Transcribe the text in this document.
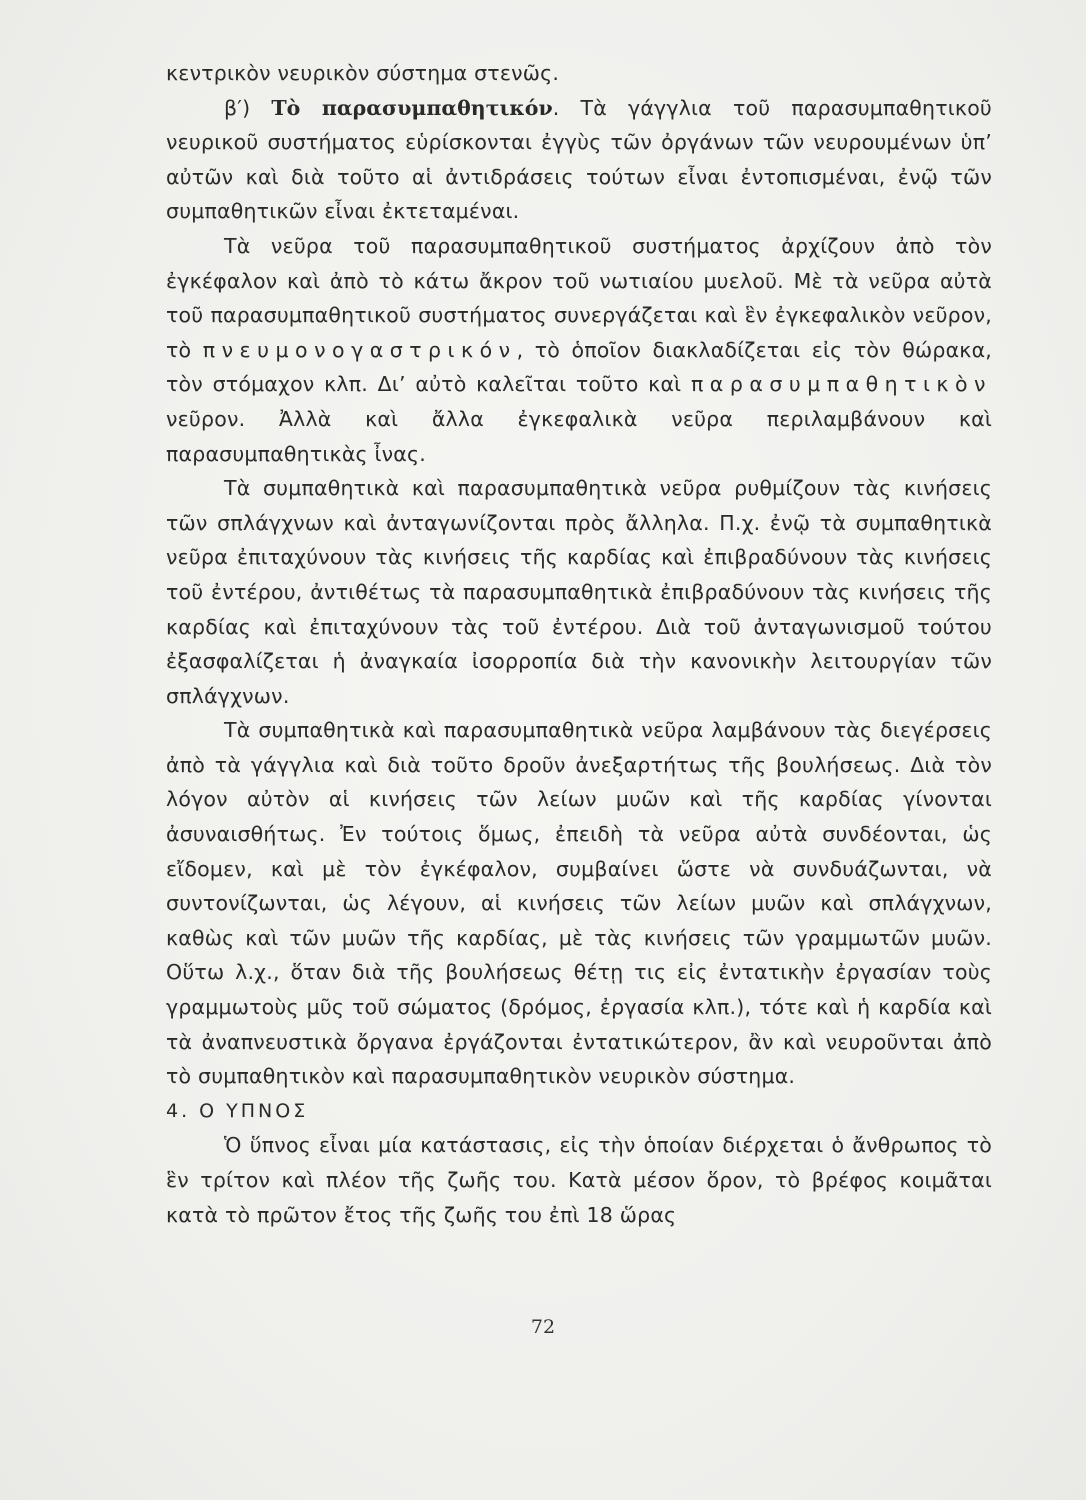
κεντρικὸν νευρικὸν σύστημα στενῶς.

β′) Τὸ παρασυμπαθητικόν. Τὰ γάγγλια τοῦ παρασυμπαθητικοῦ νευρικοῦ συστήματος εὑρίσκονται ἐγγὺς τῶν ὀργάνων τῶν νευρουμένων ὑπ’ αὐτῶν καὶ διὰ τοῦτο αἱ ἀντιδράσεις τούτων εἶναι ἐντοπισμέναι, ἐνῷ τῶν συμπαθητικῶν εἶναι ἐκτεταμέναι.

Τὰ νεῦρα τοῦ παρασυμπαθητικοῦ συστήματος ἀρχίζουν ἀπὸ τὸν ἐγκέφαλον καὶ ἀπὸ τὸ κάτω ἄκρον τοῦ νωτιαίου μυελοῦ. Μὲ τὰ νεῦρα αὐτὰ τοῦ παρασυμπαθητικοῦ συστήματος συνεργάζεται καὶ ἓν ἐγκεφαλικὸν νεῦρον, τὸ πνευμονογαστρικόν, τὸ ὁποῖον διακλαδίζεται εἰς τὸν θώρακα, τὸν στόμαχον κλπ. Δι’ αὐτὸ καλεῖται τοῦτο καὶ παρασυμπαθητικὸν νεῦρον. Ἀλλὰ καὶ ἄλλα ἐγκεφαλικὰ νεῦρα περιλαμβάνουν καὶ παρασυμπαθητικὰς ἶνας.

Τὰ συμπαθητικὰ καὶ παρασυμπαθητικὰ νεῦρα ρυθμίζουν τὰς κινήσεις τῶν σπλάγχνων καὶ ἀνταγωνίζονται πρὸς ἄλληλα. Π.χ. ἐνῷ τὰ συμπαθητικὰ νεῦρα ἐπιταχύνουν τὰς κινήσεις τῆς καρδίας καὶ ἐπιβραδύνουν τὰς κινήσεις τοῦ ἐντέρου, ἀντιθέτως τὰ παρασυμπαθητικὰ ἐπιβραδύνουν τὰς κινήσεις τῆς καρδίας καὶ ἐπιταχύνουν τὰς τοῦ ἐντέρου. Διὰ τοῦ ἀνταγωνισμοῦ τούτου ἐξασφαλίζεται ἡ ἀναγκαία ἰσορροπία διὰ τὴν κανονικὴν λειτουργίαν τῶν σπλάγχνων.

Τὰ συμπαθητικὰ καὶ παρασυμπαθητικὰ νεῦρα λαμβάνουν τὰς διεγέρσεις ἀπὸ τὰ γάγγλια καὶ διὰ τοῦτο δροῦν ἀνεξαρτήτως τῆς βουλήσεως. Διὰ τὸν λόγον αὐτὸν αἱ κινήσεις τῶν λείων μυῶν καὶ τῆς καρδίας γίνονται ἀσυναισθήτως. Ἐν τούτοις ὅμως, ἐπειδὴ τὰ νεῦρα αὐτὰ συνδέονται, ὡς εἴδομεν, καὶ μὲ τὸν ἐγκέφαλον, συμβαίνει ὥστε νὰ συνδυάζωνται, νὰ συντονίζωνται, ὡς λέγουν, αἱ κινήσεις τῶν λείων μυῶν καὶ σπλάγχνων, καθὼς καὶ τῶν μυῶν τῆς καρδίας, μὲ τὰς κινήσεις τῶν γραμμωτῶν μυῶν. Οὕτω λ.χ., ὅταν διὰ τῆς βουλήσεως θέτῃ τις εἰς ἐντατικὴν ἐργασίαν τοὺς γραμμωτοὺς μῦς τοῦ σώματος (δρόμος, ἐργασία κλπ.), τότε καὶ ἡ καρδία καὶ τὰ ἀναπνευστικὰ ὄργανα ἐργάζονται ἐντατικώτερον, ἂν καὶ νευροῦνται ἀπὸ τὸ συμπαθητικὸν καὶ παρασυμπαθητικὸν νευρικὸν σύστημα.

4. Ο ΥΠΝΟΣ

Ὁ ὕπνος εἶναι μία κατάστασις, εἰς τὴν ὁποίαν διέρχεται ὁ ἄνθρωπος τὸ ἓν τρίτον καὶ πλέον τῆς ζωῆς του. Κατὰ μέσον ὅρον, τὸ βρέφος κοιμᾶται κατὰ τὸ πρῶτον ἔτος τῆς ζωῆς του ἐπὶ 18 ὥρας

72
